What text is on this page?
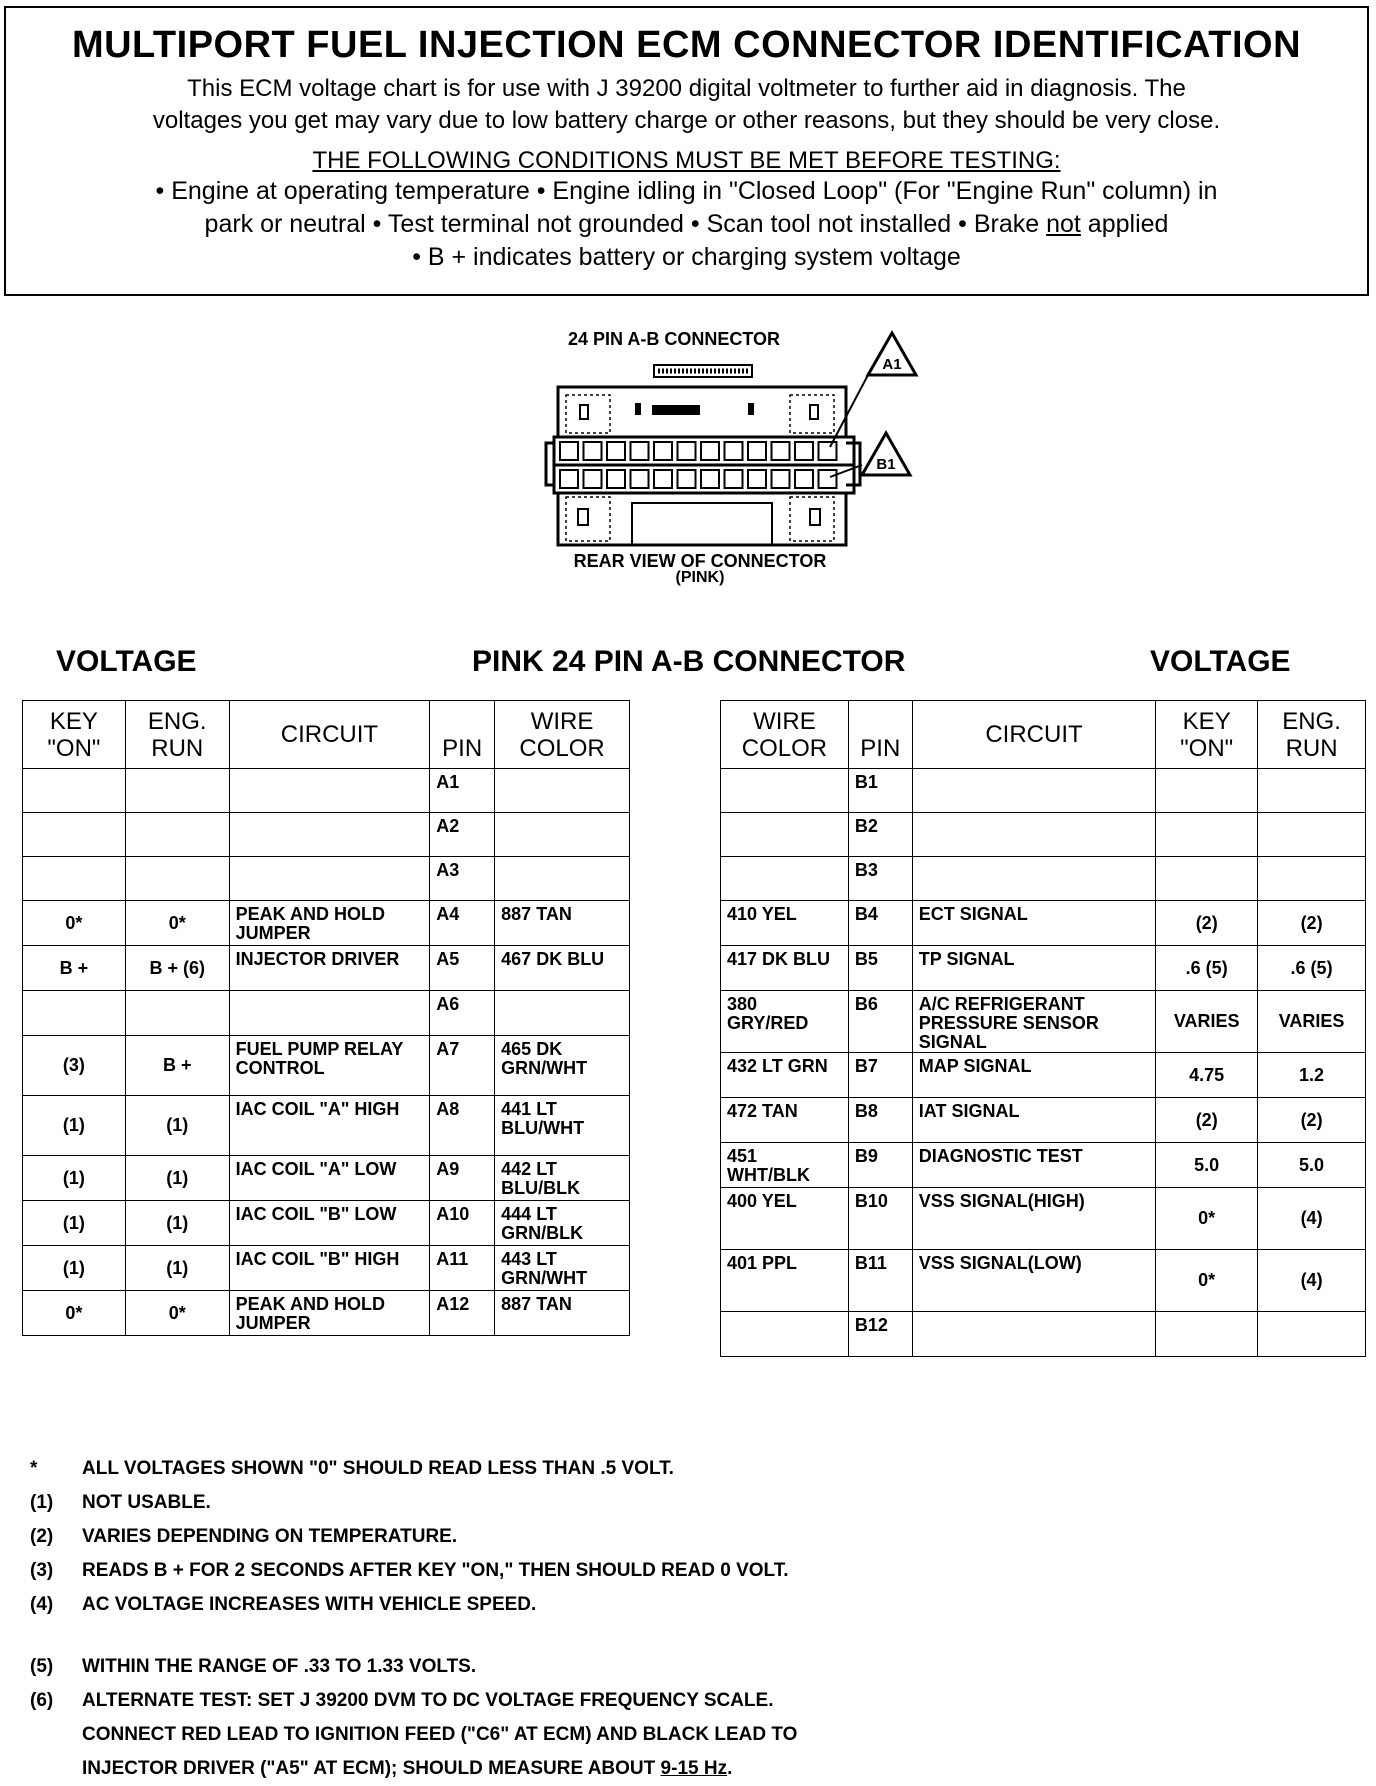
MULTIPORT FUEL INJECTION ECM CONNECTOR IDENTIFICATION
This ECM voltage chart is for use with J 39200 digital voltmeter to further aid in diagnosis. The
voltages you get may vary due to low battery charge or other reasons, but they should be very close.
THE FOLLOWING CONDITIONS MUST BE MET BEFORE TESTING:
• Engine at operating temperature • Engine idling in "Closed Loop" (For "Engine Run" column) in
park or neutral • Test terminal not grounded • Scan tool not installed • Brake not applied
• B + indicates battery or charging system voltage
24 PIN A-B CONNECTOR
A1
B1
REAR VIEW OF CONNECTOR
(PINK)
VOLTAGE	PINK 24 PIN A-B CONNECTOR	VOLTAGE
KEY
"ON"	ENG.
RUN	CIRCUIT	PIN	WIRE
COLOR
			A1	
			A2	
			A3	
0*	0*	PEAK AND HOLD JUMPER	A4	887 TAN
B +	B + (6)	INJECTOR DRIVER	A5	467 DK BLU
			A6	
(3)	B +	FUEL PUMP RELAY CONTROL	A7	465 DK GRN/WHT
(1)	(1)	IAC COIL "A" HIGH	A8	441 LT BLU/WHT
(1)	(1)	IAC COIL "A" LOW	A9	442 LT BLU/BLK
(1)	(1)	IAC COIL "B" LOW	A10	444 LT GRN/BLK
(1)	(1)	IAC COIL "B" HIGH	A11	443 LT GRN/WHT
0*	0*	PEAK AND HOLD JUMPER	A12	887 TAN
WIRE
COLOR	PIN	CIRCUIT	KEY
"ON"	ENG.
RUN
	B1			
	B2			
	B3			
410 YEL	B4	ECT SIGNAL	(2)	(2)
417 DK BLU	B5	TP SIGNAL	.6 (5)	.6 (5)
380 GRY/RED	B6	A/C REFRIGERANT PRESSURE SENSOR SIGNAL	VARIES	VARIES
432 LT GRN	B7	MAP SIGNAL	4.75	1.2
472 TAN	B8	IAT SIGNAL	(2)	(2)
451 WHT/BLK	B9	DIAGNOSTIC TEST	5.0	5.0
400 YEL	B10	VSS SIGNAL(HIGH)	0*	(4)
401 PPL	B11	VSS SIGNAL(LOW)	0*	(4)
	B12			
*	ALL VOLTAGES SHOWN "0" SHOULD READ LESS THAN .5 VOLT.
(1)	NOT USABLE.
(2)	VARIES DEPENDING ON TEMPERATURE.
(3)	READS B + FOR 2 SECONDS AFTER KEY "ON," THEN SHOULD READ 0 VOLT.
(4)	AC VOLTAGE INCREASES WITH VEHICLE SPEED.
(5)	WITHIN THE RANGE OF .33 TO 1.33 VOLTS.
(6)	ALTERNATE TEST: SET J 39200 DVM TO DC VOLTAGE FREQUENCY SCALE.
CONNECT RED LEAD TO IGNITION FEED ("C6" AT ECM) AND BLACK LEAD TO
INJECTOR DRIVER ("A5" AT ECM); SHOULD MEASURE ABOUT 9-15 Hz.
